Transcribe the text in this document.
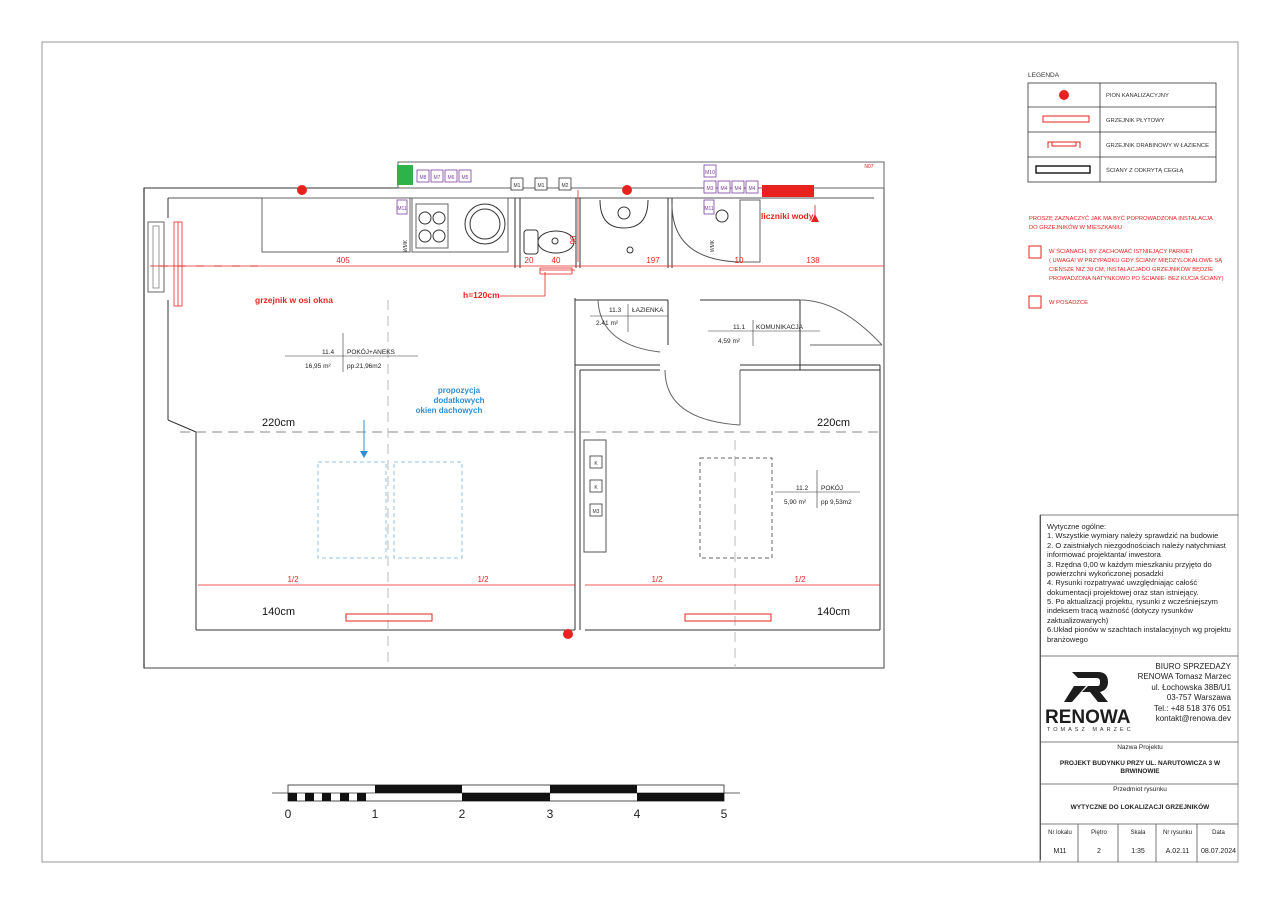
M8 M7 M6 M5
M10
M3 M4 M4 M4
M11	M11
M1	M1	M2
K
K
M3
WMK	WMK
N07
405	20 40	197	10	138
90
1/2	1/2	1/2	1/2
h=120cm
grzejnik w osi okna
liczniki wody
propozycja
dodatkowych
okien dachowych
220cm	220cm
140cm	140cm
11.3 ŁAZIENKA
2.41 m²
11.1 KOMUNIKACJA
4,59 m²
11.4 POKÓJ+ANEKS
16,95 m²	pp.21,96m2
11.2 POKÓJ
5,90 m² pp 9,53m2
0	1	2	3	4	5
LEGENDA
PION KANALIZACYJNY
GRZEJNIK PŁYTOWY
GRZEJNIK DRABINOWY W ŁAZIENCE
ŚCIANY Z ODKRYTĄ CEGŁĄ
PROSZĘ ZAZNACZYĆ JAK MA BYĆ POPROWADZONA INSTALACJA
DO GRZEJNIKÓW W MIESZKANIU
W ŚCIANACH, BY ZACHOWAĆ ISTNIEJĄCY PARKIET
( UWAGA! W PRZYPADKU GDY ŚCIANY MIĘDZYLOKALOWE SĄ
CIEŃSZE NIŻ 30 CM, INSTALACJADO GRZEJNIKÓW BĘDZIE
PROWADZONA NATYNKOWO PO ŚCIANIE- BEZ KUCIA ŚCIANY)
W POSADZCE
Wytyczne ogólne:
1. Wszystkie wymiary należy sprawdzić na budowie
2. O zaistniałych niezgodnościach należy natychmiast informować projektanta/ inwestora
3. Rzędna 0,00 w każdym mieszkaniu przyjęto do powierzchni wykończonej posadzki
4. Rysunki rozpatrywać uwzględniając całość dokumentacji projektowej oraz stan istniejący.
5. Po aktualizacji projektu, rysunki z wcześniejszym indeksem tracą ważność (dotyczy rysunków zaktualizowanych)
6.Układ pionów w szachtach instalacyjnych wg projektu branżowego
RENOWA
TOMASZ MARZEC
BIURO SPRZEDAŻY
RENOWA Tomasz Marzec
ul. Łochowska 38B/U1
03-757 Warszawa
Tel.: +48 518 376 051
kontakt@renowa.dev
Nazwa Projektu
PROJEKT BUDYNKU PRZY UL. NARUTOWICZA 3 W BRWINOWIE
Przedmiot rysunku
WYTYCZNE DO LOKALIZACJI GRZEJNIKÓW
Nr lokalu
M11
Piętro
2
Skala
1:35
Nr rysunku
A.02.11
Data
08.07.2024
